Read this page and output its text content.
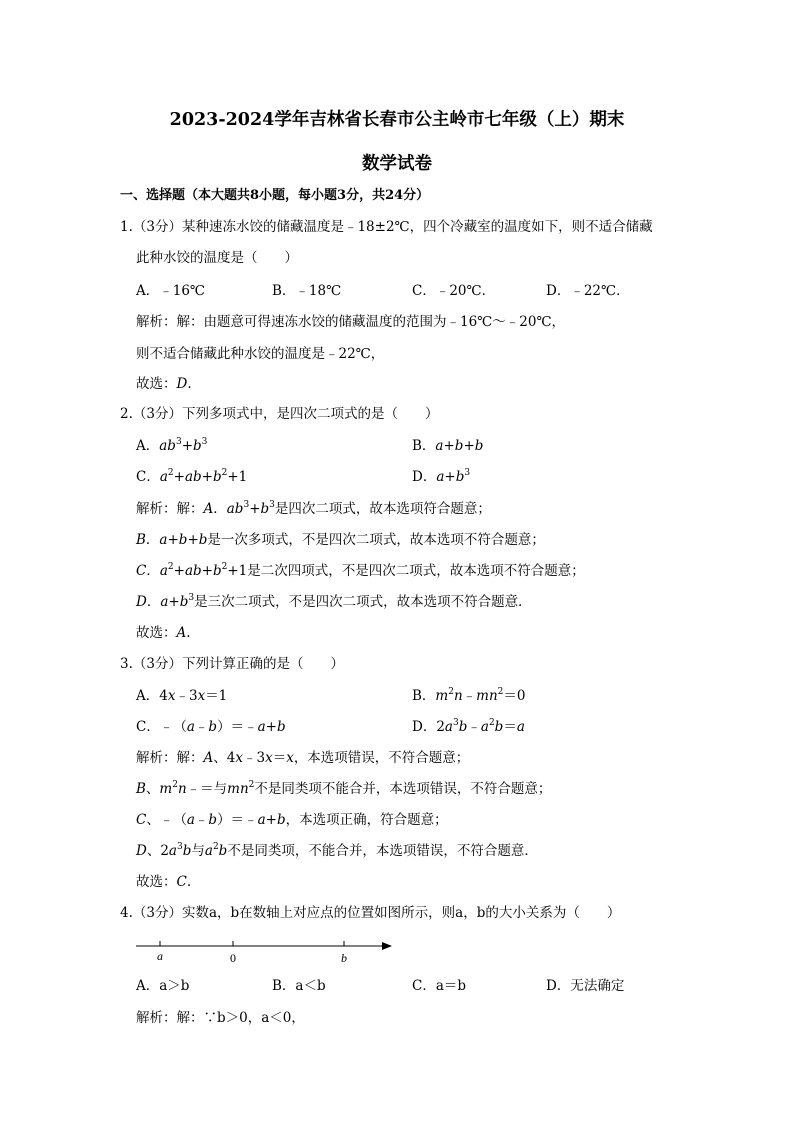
2023-2024学年吉林省长春市公主岭市七年级（上）期末
数学试卷
一、选择题（本大题共8小题，每小题3分，共24分）
1.（3分）某种速冻水饺的储藏温度是﹣18±2℃，四个冷藏室的温度如下，则不适合储藏
此种水饺的温度是（　　）
A．﹣16℃	B．﹣18℃	C．﹣20℃．	D．﹣22℃．
解析：解：由题意可得速冻水饺的储藏温度的范围为﹣16℃～﹣20℃，
则不适合储藏此种水饺的温度是﹣22℃，
故选：D.
2.（3分）下列多项式中，是四次二项式的是（　　）
A．$ab^3+b^3$	B．a+b+b
C．$a^2+ab+b^2+1$	D．$a+b^3$
解析：解：A．$ab^3+b^3$是四次二项式，故本选项符合题意；
B．a+b+b是一次多项式，不是四次二项式，故本选项不符合题意；
C．$a^2+ab+b^2+1$是二次四项式，不是四次二项式，故本选项不符合题意；
D．$a+b^3$是三次二项式，不是四次二项式，故本选项不符合题意．
故选：A.
3.（3分）下列计算正确的是（　　）
A．4x﹣3x＝1	B．$m^2n﹣mn^2=0$
C．﹣（a﹣b）＝﹣a+b	D．$2a^3b﹣a^2b=a$
解析：解：A、4x﹣3x＝x，本选项错误，不符合题意；
B、$m^2n﹣=$与$mn^2$不是同类项不能合并，本选项错误，不符合题意；
C、﹣（a﹣b）＝﹣a+b，本选项正确，符合题意；
D、$2a^3b$与$a^2b$不是同类项，不能合并，本选项错误，不符合题意．
故选：C.
4.（3分）实数a，b在数轴上对应点的位置如图所示，则a，b的大小关系为（　　）
a	0	b
A．a＞b	B．a＜b	C．a＝b	D．无法确定
解析：解：∵b＞0，a＜0，
